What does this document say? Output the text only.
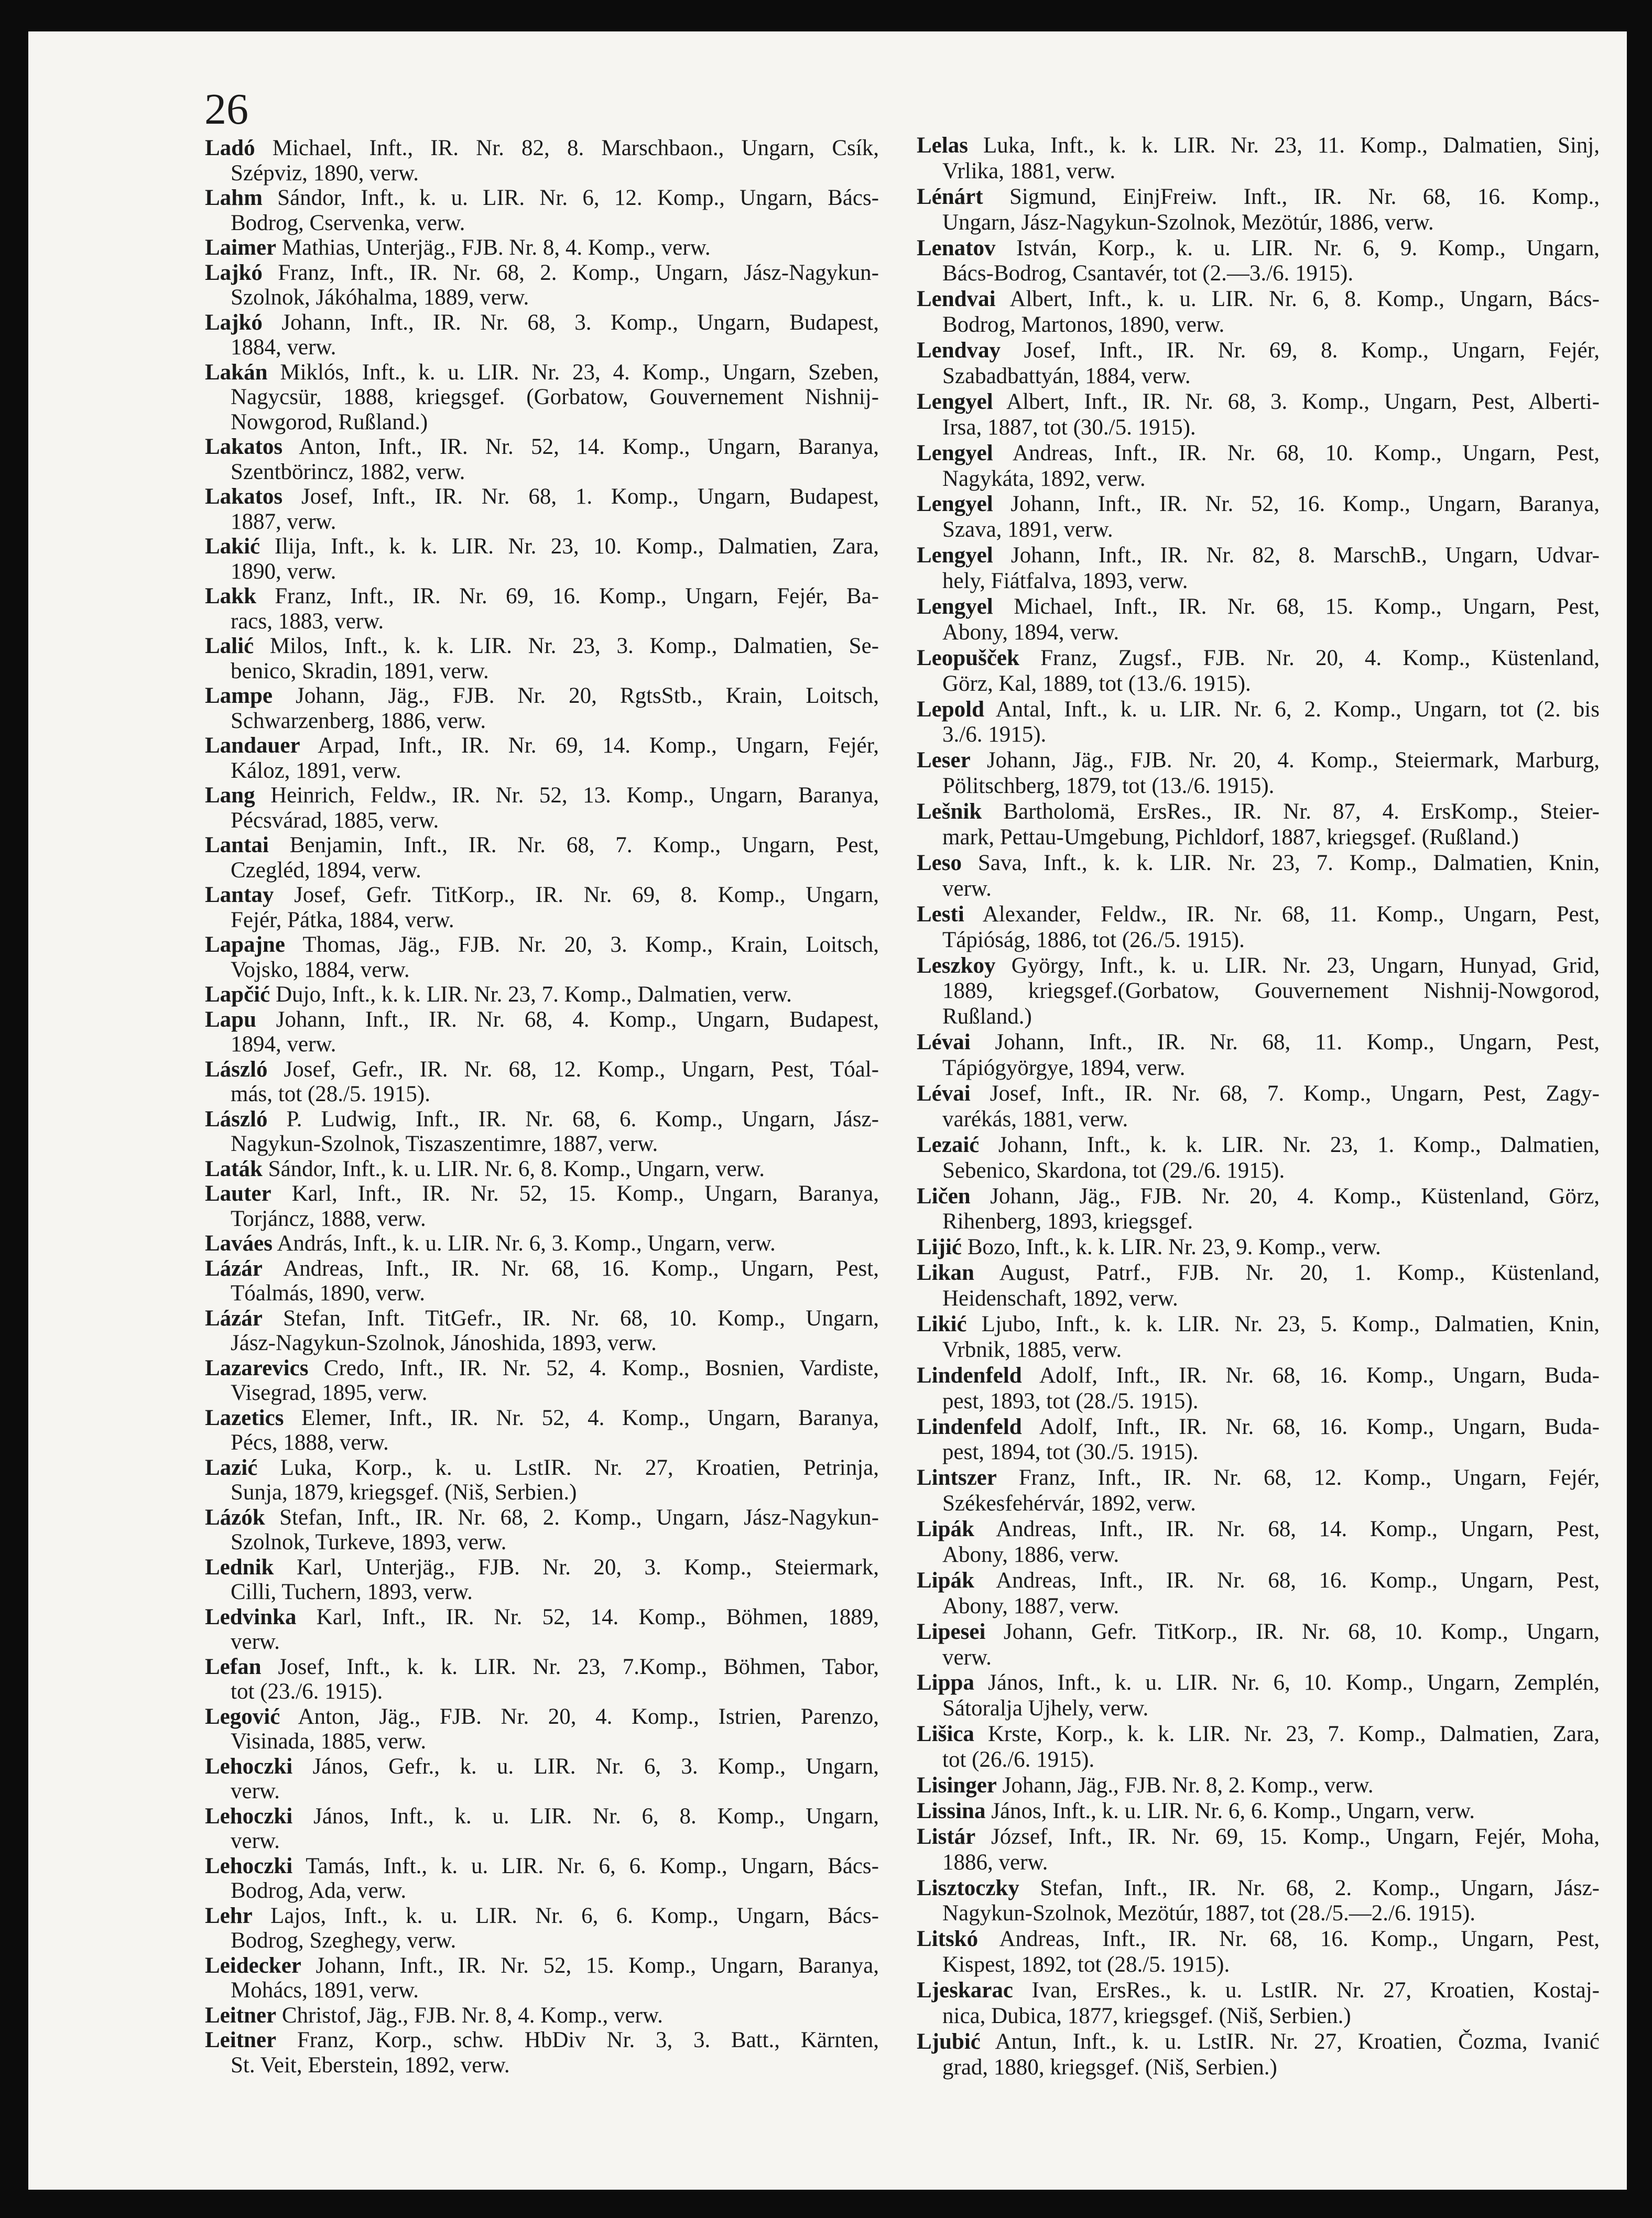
26
Ladó Michael, Inft., IR. Nr. 82, 8. Marschbaon., Ungarn, Csík,
Szépviz, 1890, verw.
Lahm Sándor, Inft., k. u. LIR. Nr. 6, 12. Komp., Ungarn, Bács-
Bodrog, Cservenka, verw.
Laimer Mathias, Unterjäg., FJB. Nr. 8, 4. Komp., verw.
Lajkó Franz, Inft., IR. Nr. 68, 2. Komp., Ungarn, Jász-Nagykun-
Szolnok, Jákóhalma, 1889, verw.
Lajkó Johann, Inft., IR. Nr. 68, 3. Komp., Ungarn, Budapest,
1884, verw.
Lakán Miklós, Inft., k. u. LIR. Nr. 23, 4. Komp., Ungarn, Szeben,
Nagycsür, 1888, kriegsgef. (Gorbatow, Gouvernement Nishnij-
Nowgorod, Rußland.)
Lakatos Anton, Inft., IR. Nr. 52, 14. Komp., Ungarn, Baranya,
Szentbörincz, 1882, verw.
Lakatos Josef, Inft., IR. Nr. 68, 1. Komp., Ungarn, Budapest,
1887, verw.
Lakić Ilija, Inft., k. k. LIR. Nr. 23, 10. Komp., Dalmatien, Zara,
1890, verw.
Lakk Franz, Inft., IR. Nr. 69, 16. Komp., Ungarn, Fejér, Ba-
racs, 1883, verw.
Lalić Milos, Inft., k. k. LIR. Nr. 23, 3. Komp., Dalmatien, Se-
benico, Skradin, 1891, verw.
Lampe Johann, Jäg., FJB. Nr. 20, RgtsStb., Krain, Loitsch,
Schwarzenberg, 1886, verw.
Landauer Arpad, Inft., IR. Nr. 69, 14. Komp., Ungarn, Fejér,
Káloz, 1891, verw.
Lang Heinrich, Feldw., IR. Nr. 52, 13. Komp., Ungarn, Baranya,
Pécsvárad, 1885, verw.
Lantai Benjamin, Inft., IR. Nr. 68, 7. Komp., Ungarn, Pest,
Czegléd, 1894, verw.
Lantay Josef, Gefr. TitKorp., IR. Nr. 69, 8. Komp., Ungarn,
Fejér, Pátka, 1884, verw.
Lapajne Thomas, Jäg., FJB. Nr. 20, 3. Komp., Krain, Loitsch,
Vojsko, 1884, verw.
Lapčić Dujo, Inft., k. k. LIR. Nr. 23, 7. Komp., Dalmatien, verw.
Lapu Johann, Inft., IR. Nr. 68, 4. Komp., Ungarn, Budapest,
1894, verw.
László Josef, Gefr., IR. Nr. 68, 12. Komp., Ungarn, Pest, Tóal-
más, tot (28./5. 1915).
László P. Ludwig, Inft., IR. Nr. 68, 6. Komp., Ungarn, Jász-
Nagykun-Szolnok, Tiszaszentimre, 1887, verw.
Laták Sándor, Inft., k. u. LIR. Nr. 6, 8. Komp., Ungarn, verw.
Lauter Karl, Inft., IR. Nr. 52, 15. Komp., Ungarn, Baranya,
Torjáncz, 1888, verw.
Laváes András, Inft., k. u. LIR. Nr. 6, 3. Komp., Ungarn, verw.
Lázár Andreas, Inft., IR. Nr. 68, 16. Komp., Ungarn, Pest,
Tóalmás, 1890, verw.
Lázár Stefan, Inft. TitGefr., IR. Nr. 68, 10. Komp., Ungarn,
Jász-Nagykun-Szolnok, Jánoshida, 1893, verw.
Lazarevics Credo, Inft., IR. Nr. 52, 4. Komp., Bosnien, Vardiste,
Visegrad, 1895, verw.
Lazetics Elemer, Inft., IR. Nr. 52, 4. Komp., Ungarn, Baranya,
Pécs, 1888, verw.
Lazić Luka, Korp., k. u. LstIR. Nr. 27, Kroatien, Petrinja,
Sunja, 1879, kriegsgef. (Niš, Serbien.)
Lázók Stefan, Inft., IR. Nr. 68, 2. Komp., Ungarn, Jász-Nagykun-
Szolnok, Turkeve, 1893, verw.
Lednik Karl, Unterjäg., FJB. Nr. 20, 3. Komp., Steiermark,
Cilli, Tuchern, 1893, verw.
Ledvinka Karl, Inft., IR. Nr. 52, 14. Komp., Böhmen, 1889,
verw.
Lefan Josef, Inft., k. k. LIR. Nr. 23, 7.Komp., Böhmen, Tabor,
tot (23./6. 1915).
Legović Anton, Jäg., FJB. Nr. 20, 4. Komp., Istrien, Parenzo,
Visinada, 1885, verw.
Lehoczki János, Gefr., k. u. LIR. Nr. 6, 3. Komp., Ungarn,
verw.
Lehoczki János, Inft., k. u. LIR. Nr. 6, 8. Komp., Ungarn,
verw.
Lehoczki Tamás, Inft., k. u. LIR. Nr. 6, 6. Komp., Ungarn, Bács-
Bodrog, Ada, verw.
Lehr Lajos, Inft., k. u. LIR. Nr. 6, 6. Komp., Ungarn, Bács-
Bodrog, Szeghegy, verw.
Leidecker Johann, Inft., IR. Nr. 52, 15. Komp., Ungarn, Baranya,
Mohács, 1891, verw.
Leitner Christof, Jäg., FJB. Nr. 8, 4. Komp., verw.
Leitner Franz, Korp., schw. HbDiv Nr. 3, 3. Batt., Kärnten,
St. Veit, Eberstein, 1892, verw.
Lelas Luka, Inft., k. k. LIR. Nr. 23, 11. Komp., Dalmatien, Sinj,
Vrlika, 1881, verw.
Lénárt Sigmund, EinjFreiw. Inft., IR. Nr. 68, 16. Komp.,
Ungarn, Jász-Nagykun-Szolnok, Mezötúr, 1886, verw.
Lenatov István, Korp., k. u. LIR. Nr. 6, 9. Komp., Ungarn,
Bács-Bodrog, Csantavér, tot (2.—3./6. 1915).
Lendvai Albert, Inft., k. u. LIR. Nr. 6, 8. Komp., Ungarn, Bács-
Bodrog, Martonos, 1890, verw.
Lendvay Josef, Inft., IR. Nr. 69, 8. Komp., Ungarn, Fejér,
Szabadbattyán, 1884, verw.
Lengyel Albert, Inft., IR. Nr. 68, 3. Komp., Ungarn, Pest, Alberti-
Irsa, 1887, tot (30./5. 1915).
Lengyel Andreas, Inft., IR. Nr. 68, 10. Komp., Ungarn, Pest,
Nagykáta, 1892, verw.
Lengyel Johann, Inft., IR. Nr. 52, 16. Komp., Ungarn, Baranya,
Szava, 1891, verw.
Lengyel Johann, Inft., IR. Nr. 82, 8. MarschB., Ungarn, Udvar-
hely, Fiátfalva, 1893, verw.
Lengyel Michael, Inft., IR. Nr. 68, 15. Komp., Ungarn, Pest,
Abony, 1894, verw.
Leopušček Franz, Zugsf., FJB. Nr. 20, 4. Komp., Küstenland,
Görz, Kal, 1889, tot (13./6. 1915).
Lepold Antal, Inft., k. u. LIR. Nr. 6, 2. Komp., Ungarn, tot (2. bis
3./6. 1915).
Leser Johann, Jäg., FJB. Nr. 20, 4. Komp., Steiermark, Marburg,
Pölitschberg, 1879, tot (13./6. 1915).
Lešnik Bartholomä, ErsRes., IR. Nr. 87, 4. ErsKomp., Steier-
mark, Pettau-Umgebung, Pichldorf, 1887, kriegsgef. (Rußland.)
Leso Sava, Inft., k. k. LIR. Nr. 23, 7. Komp., Dalmatien, Knin,
verw.
Lesti Alexander, Feldw., IR. Nr. 68, 11. Komp., Ungarn, Pest,
Tápióság, 1886, tot (26./5. 1915).
Leszkoy György, Inft., k. u. LIR. Nr. 23, Ungarn, Hunyad, Grid,
1889, kriegsgef.(Gorbatow, Gouvernement Nishnij-Nowgorod,
Rußland.)
Lévai Johann, Inft., IR. Nr. 68, 11. Komp., Ungarn, Pest,
Tápiógyörgye, 1894, verw.
Lévai Josef, Inft., IR. Nr. 68, 7. Komp., Ungarn, Pest, Zagy-
varékás, 1881, verw.
Lezaić Johann, Inft., k. k. LIR. Nr. 23, 1. Komp., Dalmatien,
Sebenico, Skardona, tot (29./6. 1915).
Ličen Johann, Jäg., FJB. Nr. 20, 4. Komp., Küstenland, Görz,
Rihenberg, 1893, kriegsgef.
Lijić Bozo, Inft., k. k. LIR. Nr. 23, 9. Komp., verw.
Likan August, Patrf., FJB. Nr. 20, 1. Komp., Küstenland,
Heidenschaft, 1892, verw.
Likić Ljubo, Inft., k. k. LIR. Nr. 23, 5. Komp., Dalmatien, Knin,
Vrbnik, 1885, verw.
Lindenfeld Adolf, Inft., IR. Nr. 68, 16. Komp., Ungarn, Buda-
pest, 1893, tot (28./5. 1915).
Lindenfeld Adolf, Inft., IR. Nr. 68, 16. Komp., Ungarn, Buda-
pest, 1894, tot (30./5. 1915).
Lintszer Franz, Inft., IR. Nr. 68, 12. Komp., Ungarn, Fejér,
Székesfehérvár, 1892, verw.
Lipák Andreas, Inft., IR. Nr. 68, 14. Komp., Ungarn, Pest,
Abony, 1886, verw.
Lipák Andreas, Inft., IR. Nr. 68, 16. Komp., Ungarn, Pest,
Abony, 1887, verw.
Lipesei Johann, Gefr. TitKorp., IR. Nr. 68, 10. Komp., Ungarn,
verw.
Lippa János, Inft., k. u. LIR. Nr. 6, 10. Komp., Ungarn, Zemplén,
Sátoralja Ujhely, verw.
Lišica Krste, Korp., k. k. LIR. Nr. 23, 7. Komp., Dalmatien, Zara,
tot (26./6. 1915).
Lisinger Johann, Jäg., FJB. Nr. 8, 2. Komp., verw.
Lissina János, Inft., k. u. LIR. Nr. 6, 6. Komp., Ungarn, verw.
Listár József, Inft., IR. Nr. 69, 15. Komp., Ungarn, Fejér, Moha,
1886, verw.
Lisztoczky Stefan, Inft., IR. Nr. 68, 2. Komp., Ungarn, Jász-
Nagykun-Szolnok, Mezötúr, 1887, tot (28./5.—2./6. 1915).
Litskó Andreas, Inft., IR. Nr. 68, 16. Komp., Ungarn, Pest,
Kispest, 1892, tot (28./5. 1915).
Ljeskarac Ivan, ErsRes., k. u. LstIR. Nr. 27, Kroatien, Kostaj-
nica, Dubica, 1877, kriegsgef. (Niš, Serbien.)
Ljubić Antun, Inft., k. u. LstIR. Nr. 27, Kroatien, Čozma, Ivanić
grad, 1880, kriegsgef. (Niš, Serbien.)
